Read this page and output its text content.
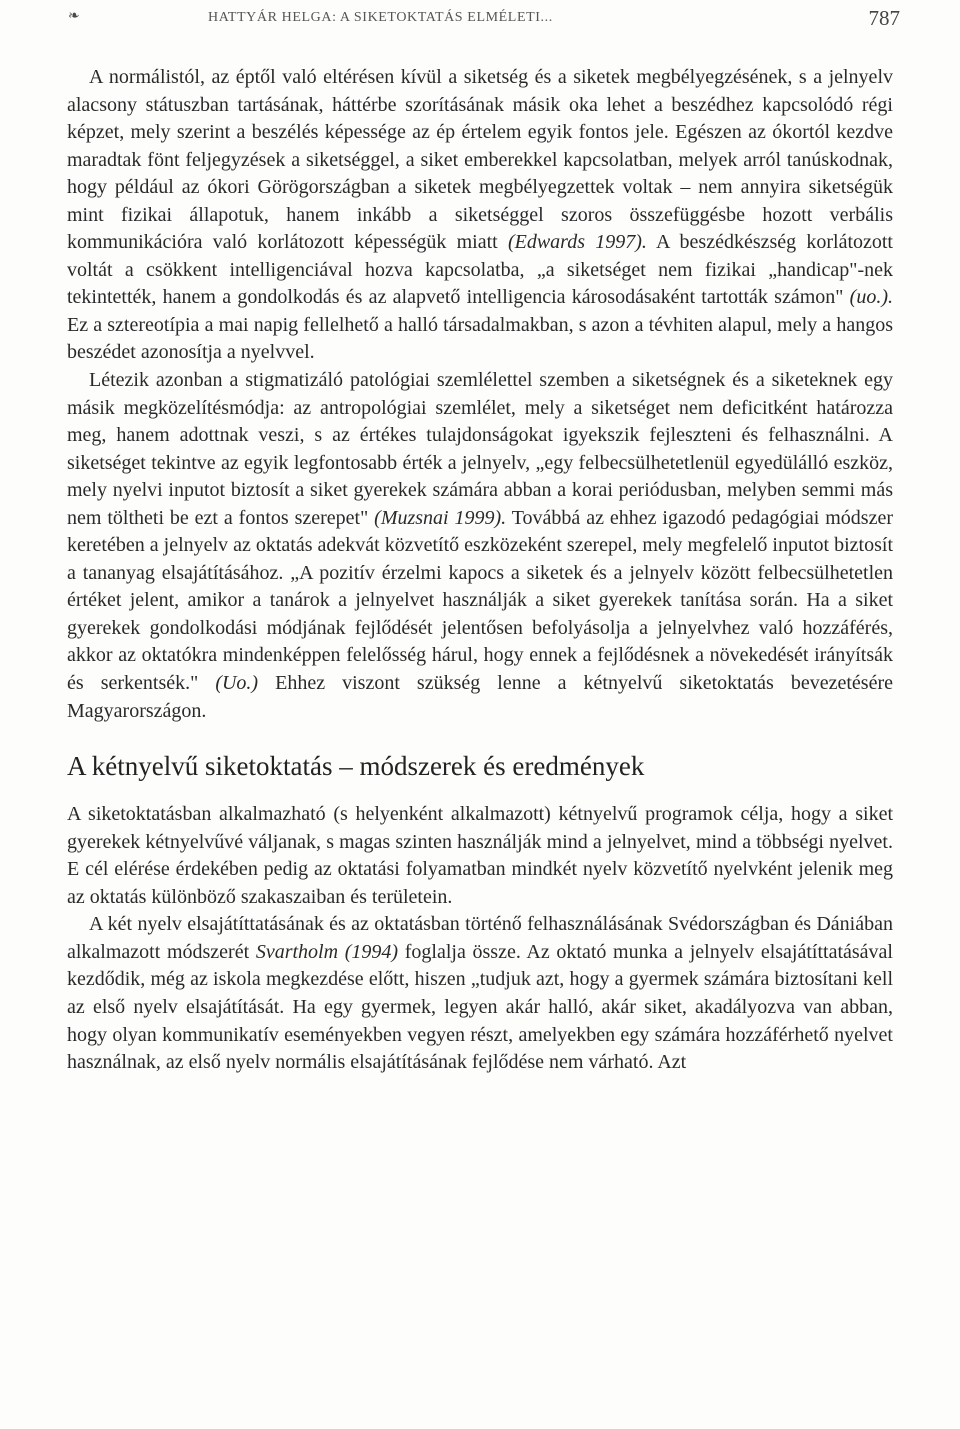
❧	HATTYÁR HELGA: A SIKETOKTATÁS ELMÉLETI...	787

A normálistól, az éptől való eltérésen kívül a siketség és a siketek megbélyegzésének, s a jelnyelv alacsony státuszban tartásának, háttérbe szorításának másik oka lehet a beszédhez kapcsolódó régi képzet, mely szerint a beszélés képessége az ép értelem egyik fontos jele. Egészen az ókortól kezdve maradtak fönt feljegyzések a siketséggel, a siket emberekkel kapcsolatban, melyek arról tanúskodnak, hogy például az ókori Görögországban a siketek megbélyegzettek voltak – nem annyira siketségük mint fizikai állapotuk, hanem inkább a siketséggel szoros összefüggésbe hozott verbális kommunikációra való korlátozott képességük miatt (Edwards 1997). A beszédkészség korlátozott voltát a csökkent intelligenciával hozva kapcsolatba, „a siketséget nem fizikai „handicap"-nek tekintették, hanem a gondolkodás és az alapvető intelligencia károsodásaként tartották számon" (uo.). Ez a sztereotípia a mai napig fellelhető a halló társadalmakban, s azon a tévhiten alapul, mely a hangos beszédet azonosítja a nyelvvel.

Létezik azonban a stigmatizáló patológiai szemlélettel szemben a siketségnek és a siketeknek egy másik megközelítésmódja: az antropológiai szemlélet, mely a siketséget nem deficitként határozza meg, hanem adottnak veszi, s az értékes tulajdonságokat igyekszik fejleszteni és felhasználni. A siketséget tekintve az egyik legfontosabb érték a jelnyelv, „egy felbecsülhetetlenül egyedülálló eszköz, mely nyelvi inputot biztosít a siket gyerekek számára abban a korai periódusban, melyben semmi más nem töltheti be ezt a fontos szerepet" (Muzsnai 1999). Továbbá az ehhez igazodó pedagógiai módszer keretében a jelnyelv az oktatás adekvát közvetítő eszközeként szerepel, mely megfelelő inputot biztosít a tananyag elsajátításához. „A pozitív érzelmi kapocs a siketek és a jelnyelv között felbecsülhetetlen értéket jelent, amikor a tanárok a jelnyelvet használják a siket gyerekek tanítása során. Ha a siket gyerekek gondolkodási módjának fejlődését jelentősen befolyásolja a jelnyelvhez való hozzáférés, akkor az oktatókra mindenképpen felelősség hárul, hogy ennek a fejlődésnek a növekedését irányítsák és serkentsék." (Uo.) Ehhez viszont szükség lenne a kétnyelvű siketoktatás bevezetésére Magyarországon.

A kétnyelvű siketoktatás – módszerek és eredmények

A siketoktatásban alkalmazható (s helyenként alkalmazott) kétnyelvű programok célja, hogy a siket gyerekek kétnyelvűvé váljanak, s magas szinten használják mind a jelnyelvet, mind a többségi nyelvet. E cél elérése érdekében pedig az oktatási folyamatban mindkét nyelv közvetítő nyelvként jelenik meg az oktatás különböző szakaszaiban és területein.

A két nyelv elsajátíttatásának és az oktatásban történő felhasználásának Svédországban és Dániában alkalmazott módszerét Svartholm (1994) foglalja össze. Az oktató munka a jelnyelv elsajátíttatásával kezdődik, még az iskola megkezdése előtt, hiszen „tudjuk azt, hogy a gyermek számára biztosítani kell az első nyelv elsajátítását. Ha egy gyermek, legyen akár halló, akár siket, akadályozva van abban, hogy olyan kommunikatív eseményekben vegyen részt, amelyekben egy számára hozzáférhető nyelvet használnak, az első nyelv normális elsajátításának fejlődése nem várható. Azt
